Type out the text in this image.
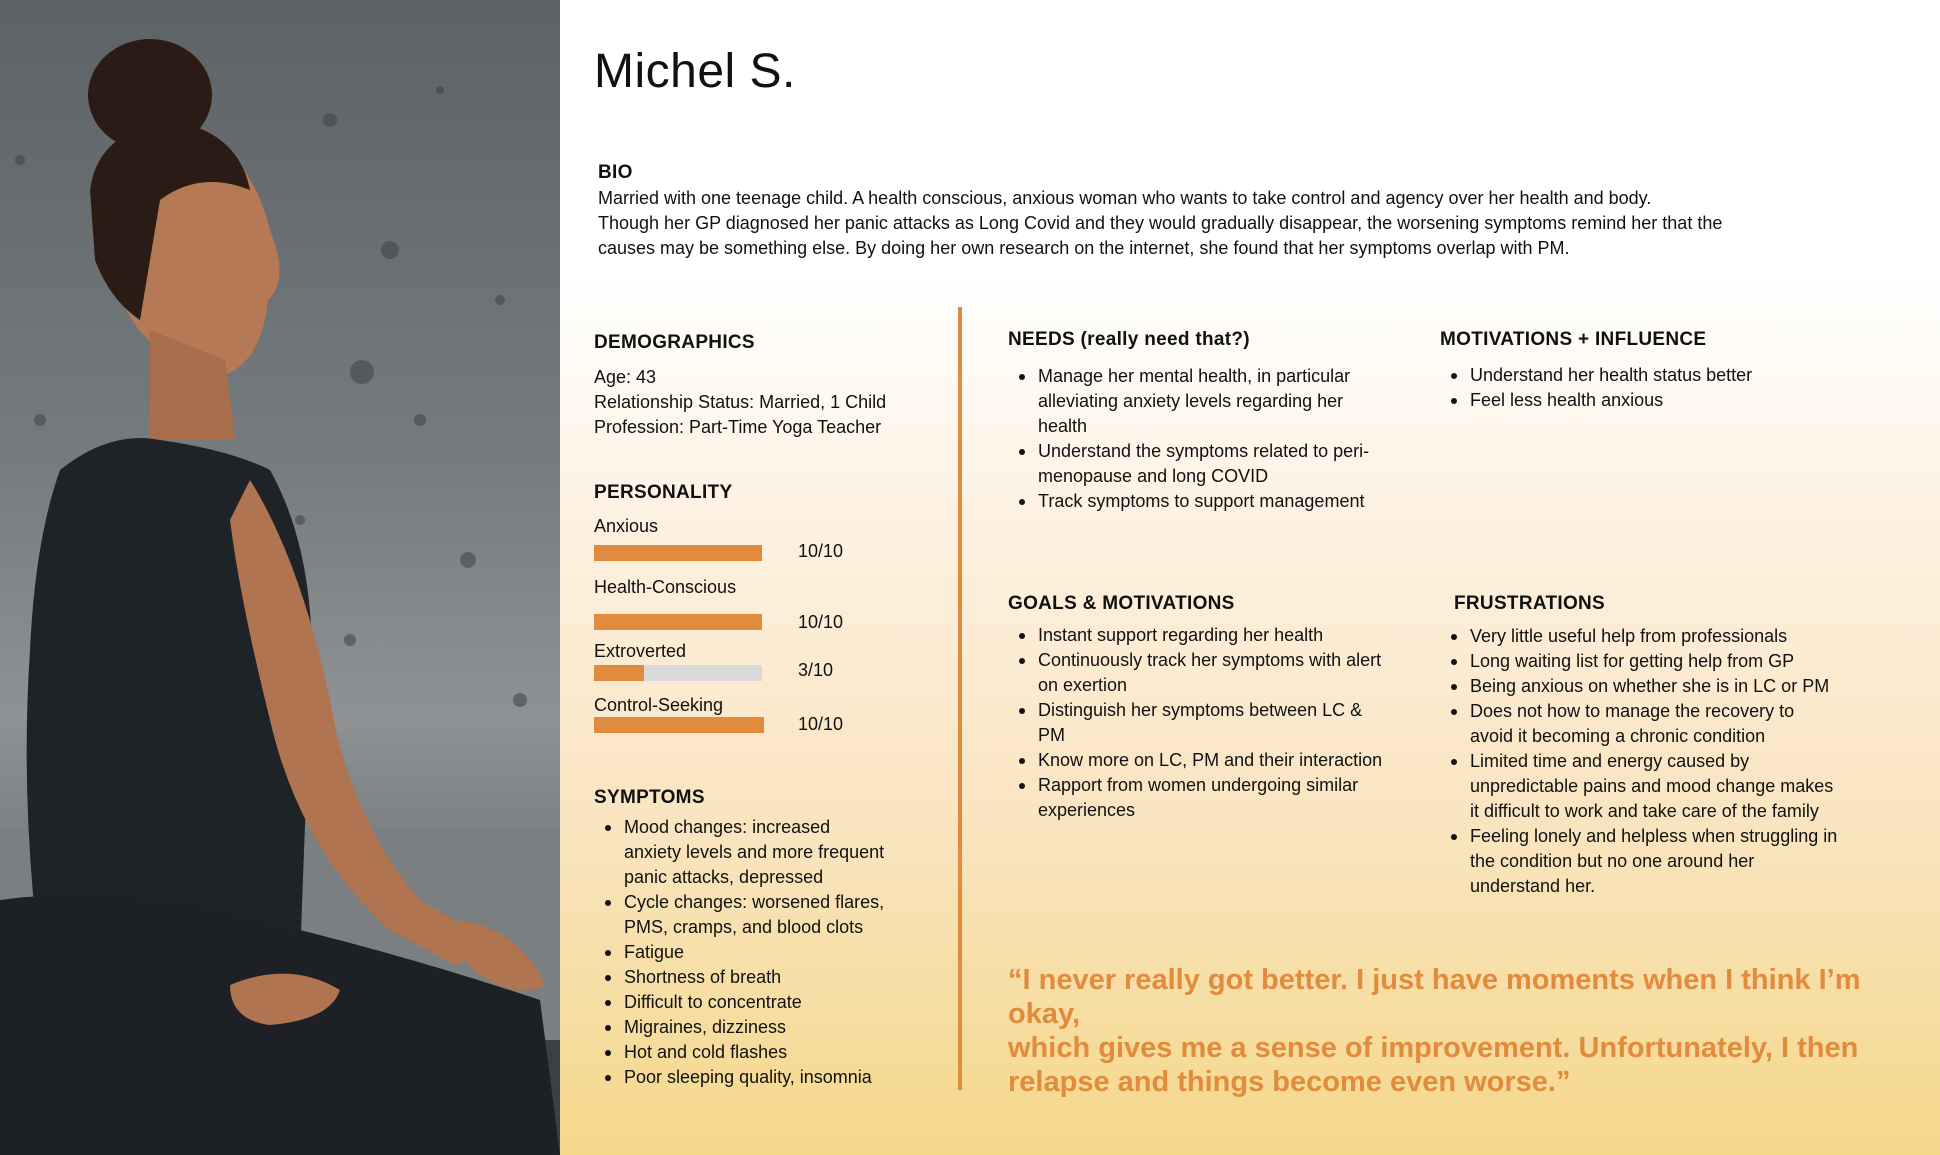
Michel S.
BIO
Married with one teenage child. A health conscious, anxious woman who wants to take control and agency over her health and body.
Though her GP diagnosed her panic attacks as Long Covid and they would gradually disappear, the worsening symptoms remind her that the
causes may be something else. By doing her own research on the internet, she found that her symptoms overlap with PM.
DEMOGRAPHICS
Age: 43
Relationship Status: Married, 1 Child
Profession: Part-Time Yoga Teacher
PERSONALITY
Anxious
10/10
Health-Conscious
10/10
Extroverted
3/10
Control-Seeking
10/10
SYMPTOMS
Mood changes: increased
anxiety levels and more frequent
panic attacks, depressed
Cycle changes: worsened flares,
PMS, cramps, and blood clots
Fatigue
Shortness of breath
Difficult to concentrate
Migraines, dizziness
Hot and cold flashes
Poor sleeping quality, insomnia
NEEDS (really need that?)
Manage her mental health, in particular
alleviating anxiety levels regarding her
health
Understand the symptoms related to peri-
menopause and long COVID
Track symptoms to support management
MOTIVATIONS + INFLUENCE
Understand her health status better
Feel less health anxious
GOALS & MOTIVATIONS
Instant support regarding her health
Continuously track her symptoms with alert
on exertion
Distinguish her symptoms between LC &
PM
Know more on LC, PM and their interaction
Rapport from women undergoing similar
experiences
FRUSTRATIONS
Very little useful help from professionals
Long waiting list for getting help from GP
Being anxious on whether she is in LC or PM
Does not how to manage the recovery to
avoid it becoming a chronic condition
Limited time and energy caused by
unpredictable pains and mood change makes
it difficult to work and take care of the family
Feeling lonely and helpless when struggling in
the condition but no one around her
understand her.
“I never really got better. I just have moments when I think I’m okay,
which gives me a sense of improvement. Unfortunately, I then
relapse and things become even worse.”
